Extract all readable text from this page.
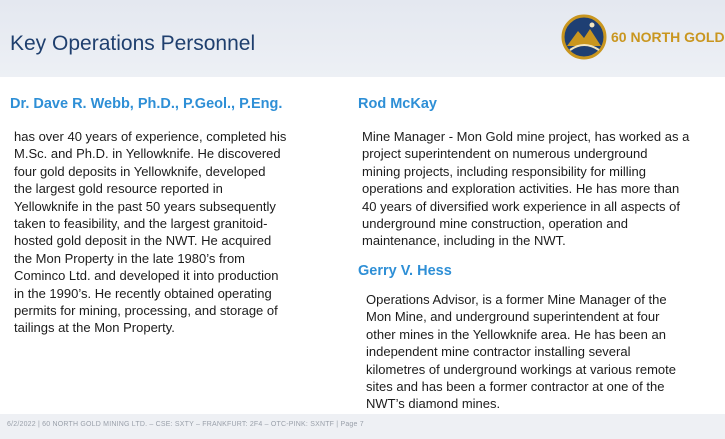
Key Operations Personnel	60 NORTH GOLD
Dr. Dave R. Webb, Ph.D., P.Geol., P.Eng.
has over 40 years of experience, completed his
M.Sc. and Ph.D. in Yellowknife. He discovered
four gold deposits in Yellowknife, developed
the largest gold resource reported in
Yellowknife in the past 50 years subsequently
taken to feasibility, and the largest granitoid-
hosted gold deposit in the NWT. He acquired
the Mon Property in the late 1980’s from
Cominco Ltd. and developed it into production
in the 1990’s. He recently obtained operating
permits for mining, processing, and storage of
tailings at the Mon Property.
Rod McKay
Mine Manager - Mon Gold mine project, has worked as a
project superintendent on numerous underground
mining projects, including responsibility for milling
operations and exploration activities. He has more than
40 years of diversified work experience in all aspects of
underground mine construction, operation and
maintenance, including in the NWT.
Gerry V. Hess
Operations Advisor, is a former Mine Manager of the
Mon Mine, and underground superintendent at four
other mines in the Yellowknife area. He has been an
independent mine contractor installing several
kilometres of underground workings at various remote
sites and has been a former contractor at one of the
NWT’s diamond mines.
6/2/2022 | 60 NORTH GOLD MINING LTD. – CSE: SXTY – FRANKFURT: 2F4 – OTC-PINK: SXNTF | Page 7
